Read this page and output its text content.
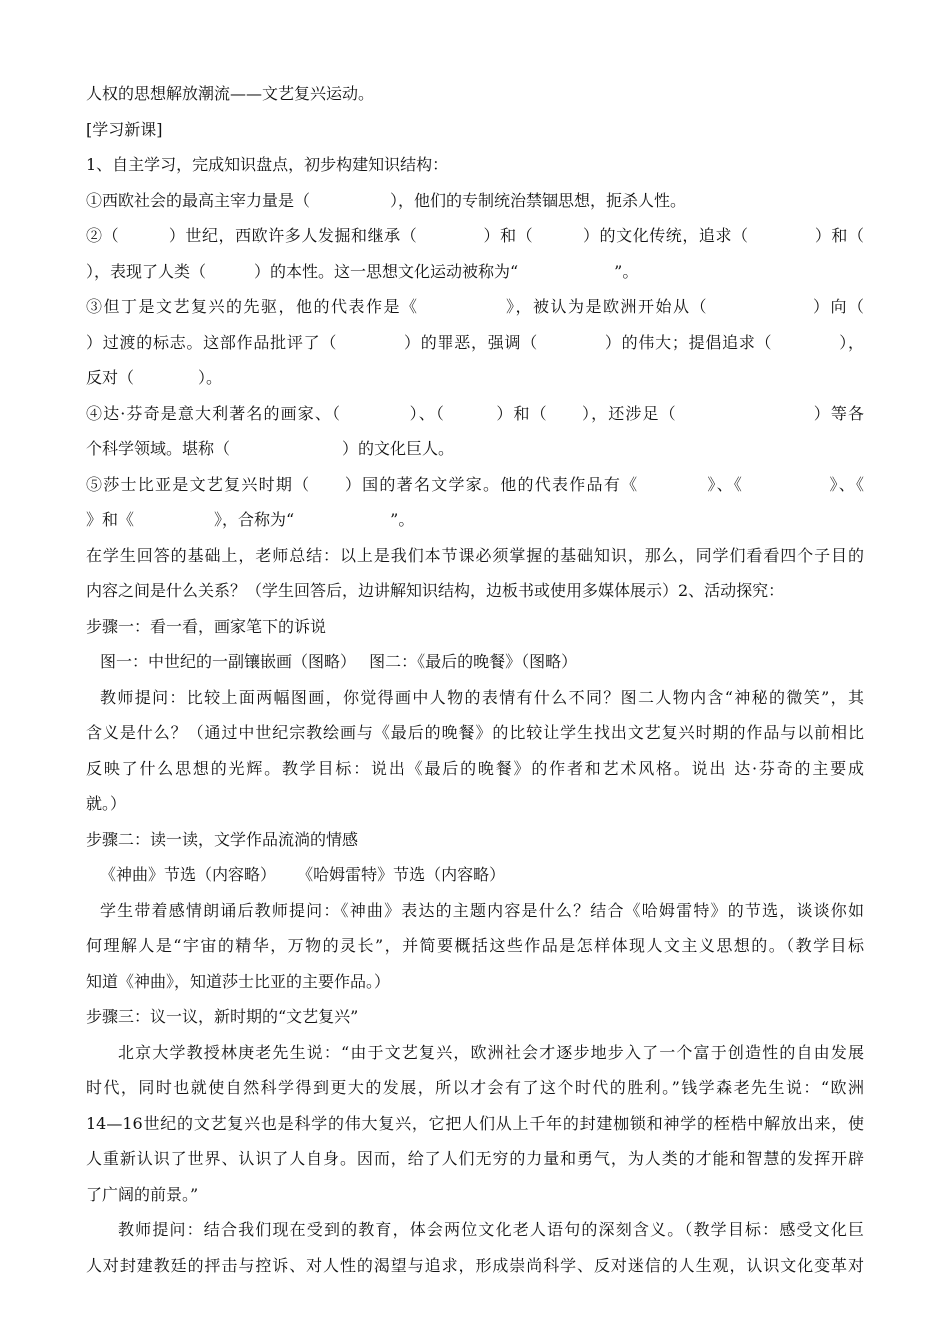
人权的思想解放潮流——文艺复兴运动。
[学习新课]
1、自主学习，完成知识盘点，初步构建知识结构：
①西欧社会的最高主宰力量是（　　　　　），他们的专制统治禁锢思想，扼杀人性。
②（　　　）世纪，西欧许多人发掘和继承（　　　　）和（　　　）的文化传统，追求（　　　　）和（
），表现了人类（　　　）的本性。这一思想文化运动被称为“　　　　　　”。
③但丁是文艺复兴的先驱，他的代表作是《　　　　　》，被认为是欧洲开始从（　　　　　　）向（
）过渡的标志。这部作品批评了（　　　　）的罪恶，强调（　　　　）的伟大；提倡追求（　　　　），
反对（　　　　）。
④达·芬奇是意大利著名的画家、（　　　　）、（　　　）和（　　），还涉足（　　　　　　　　）等各
个科学领域。堪称（　　　　　　　）的文化巨人。
⑤莎士比亚是文艺复兴时期（　　）国的著名文学家。他的代表作品有《　　　　》、《　　　　　》、《
》和《　　　　　》，合称为“　　　　　　”。
在学生回答的基础上，老师总结：以上是我们本节课必须掌握的基础知识，那么，同学们看看四个子目的
内容之间是什么关系？（学生回答后，边讲解知识结构，边板书或使用多媒体展示）2、活动探究：
步骤一：看一看，画家笔下的诉说
图一：中世纪的一副镶嵌画（图略）　 图二：《最后的晚餐》（图略）
教师提问：比较上面两幅图画，你觉得画中人物的表情有什么不同？图二人物内含“神秘的微笑”，其
含义是什么？（通过中世纪宗教绘画与《最后的晚餐》的比较让学生找出文艺复兴时期的作品与以前相比
反映了什么思想的光辉。教学目标：说出《最后的晚餐》的作者和艺术风格。说出 达·芬奇的主要成
就。）
步骤二：读一读，文学作品流淌的情感
《神曲》节选（内容略）　 　《哈姆雷特》节选（内容略）
学生带着感情朗诵后教师提问：《神曲》表达的主题内容是什么？结合《哈姆雷特》的节选，谈谈你如
何理解人是“宇宙的精华，万物的灵长”，并简要概括这些作品是怎样体现人文主义思想的。（教学目标
知道《神曲》，知道莎士比亚的主要作品。）
步骤三：议一议，新时期的“文艺复兴”
北京大学教授林庚老先生说：“由于文艺复兴，欧洲社会才逐步地步入了一个富于创造性的自由发展
时代，同时也就使自然科学得到更大的发展，所以才会有了这个时代的胜利。”钱学森老先生说：“欧洲
14—16世纪的文艺复兴也是科学的伟大复兴，它把人们从上千年的封建枷锁和神学的桎梏中解放出来，使
人重新认识了世界、认识了人自身。因而，给了人们无穷的力量和勇气，为人类的才能和智慧的发挥开辟
了广阔的前景。”
教师提问：结合我们现在受到的教育，体会两位文化老人语句的深刻含义。（教学目标：感受文化巨
人对封建教廷的抨击与控诉、对人性的渴望与追求，形成崇尚科学、反对迷信的人生观，认识文化变革对
